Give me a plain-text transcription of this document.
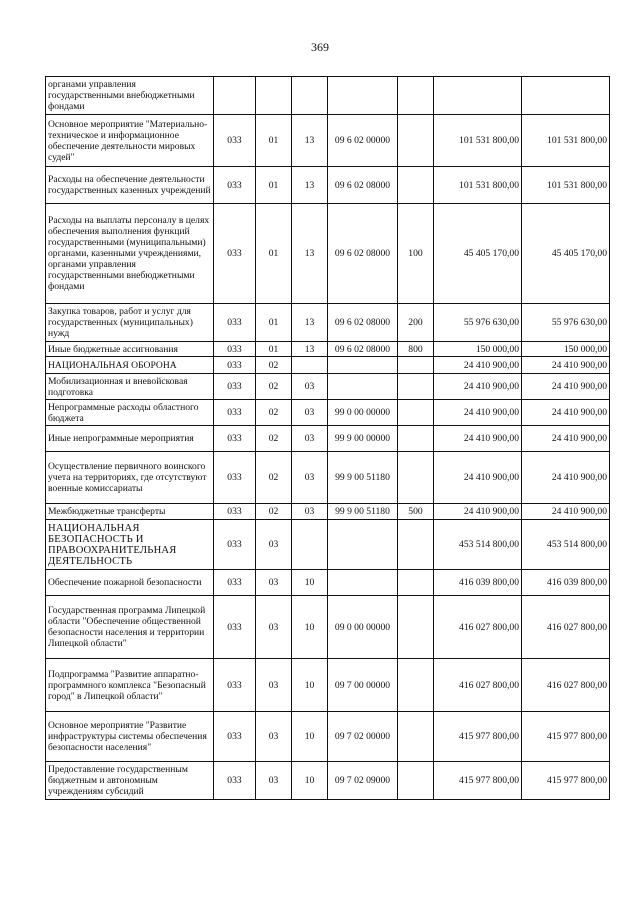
369
органами управления государственными внебюджетными фондами							
Основное мероприятие "Материально-техническое и информационное обеспечение деятельности мировых судей"	033	01	13	09 6 02 00000		101 531 800,00	101 531 800,00
Расходы на обеспечение деятельности государственных казенных учреждений	033	01	13	09 6 02 08000		101 531 800,00	101 531 800,00
Расходы на выплаты персоналу в целях обеспечения выполнения функций государственными (муниципальными) органами, казенными учреждениями, органами управления государственными внебюджетными фондами	033	01	13	09 6 02 08000	100	45 405 170,00	45 405 170,00
Закупка товаров, работ и услуг для государственных (муниципальных) нужд	033	01	13	09 6 02 08000	200	55 976 630,00	55 976 630,00
Иные бюджетные ассигнования	033	01	13	09 6 02 08000	800	150 000,00	150 000,00
НАЦИОНАЛЬНАЯ ОБОРОНА	033	02				24 410 900,00	24 410 900,00
Мобилизационная и вневойсковая подготовка	033	02	03			24 410 900,00	24 410 900,00
Непрограммные расходы областного бюджета	033	02	03	99 0 00 00000		24 410 900,00	24 410 900,00
Иные непрограммные мероприятия	033	02	03	99 9 00 00000		24 410 900,00	24 410 900,00
Осуществление первичного воинского учета на территориях, где отсутствуют военные комиссариаты	033	02	03	99 9 00 51180		24 410 900,00	24 410 900,00
Межбюджетные трансферты	033	02	03	99 9 00 51180	500	24 410 900,00	24 410 900,00
НАЦИОНАЛЬНАЯ БЕЗОПАСНОСТЬ И ПРАВООХРАНИТЕЛЬНАЯ ДЕЯТЕЛЬНОСТЬ	033	03				453 514 800,00	453 514 800,00
Обеспечение пожарной безопасности	033	03	10			416 039 800,00	416 039 800,00
Государственная программа Липецкой области "Обеспечение общественной безопасности населения и территории Липецкой области"	033	03	10	09 0 00 00000		416 027 800,00	416 027 800,00
Подпрограмма "Развитие аппаратно-программного комплекса "Безопасный город" в Липецкой области"	033	03	10	09 7 00 00000		416 027 800,00	416 027 800,00
Основное мероприятие "Развитие инфраструктуры системы обеспечения безопасности населения"	033	03	10	09 7 02 00000		415 977 800,00	415 977 800,00
Предоставление государственным бюджетным и автономным учреждениям субсидий	033	03	10	09 7 02 09000		415 977 800,00	415 977 800,00
